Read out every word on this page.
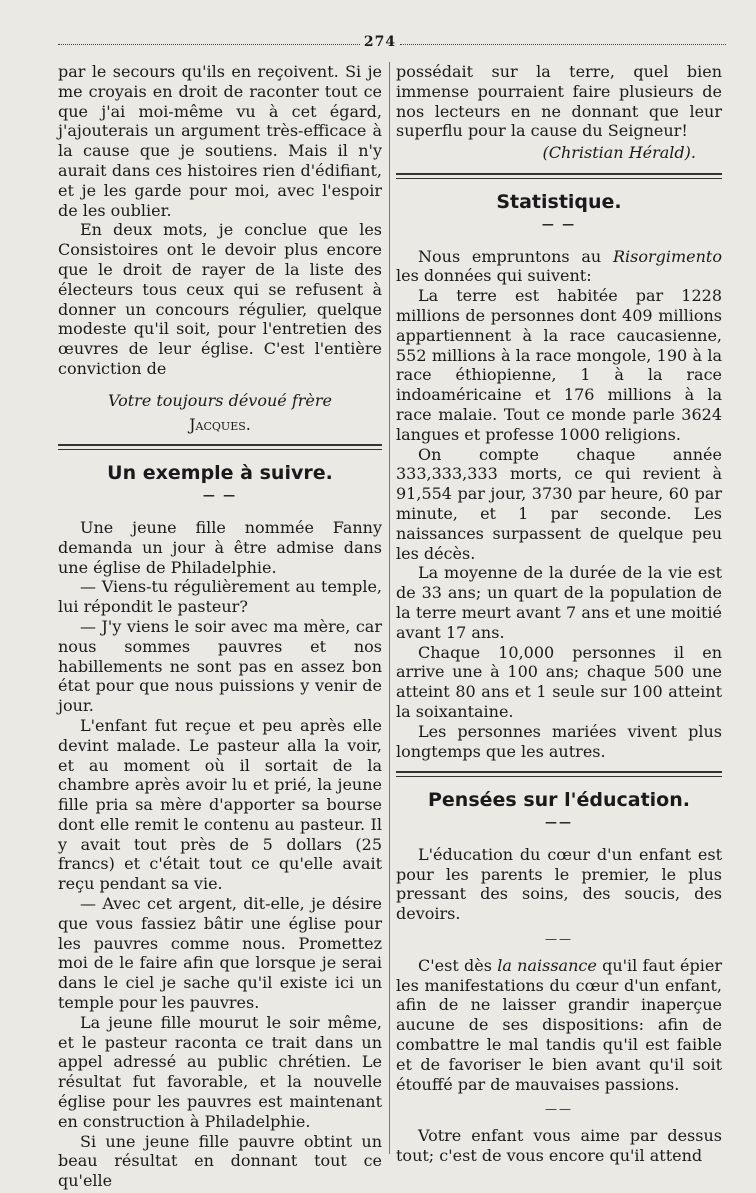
274

par le secours qu'ils en reçoivent. Si je me croyais en droit de raconter tout ce que j'ai moi-même vu à cet égard, j'ajouterais un argument très-efficace à la cause que je soutiens. Mais il n'y aurait dans ces histoires rien d'édifiant, et je les garde pour moi, avec l'espoir de les oublier.

En deux mots, je conclue que les Consistoires ont le devoir plus encore que le droit de rayer de la liste des électeurs tous ceux qui se refusent à donner un concours régulier, quelque modeste qu'il soit, pour l'entretien des œuvres de leur église. C'est l'entière conviction de

Votre toujours dévoué frère

Jacques.

Un exemple à suivre.
— —

Une jeune fille nommée Fanny demanda un jour à être admise dans une église de Philadelphie.

— Viens-tu régulièrement au temple, lui répondit le pasteur?

— J'y viens le soir avec ma mère, car nous sommes pauvres et nos habillements ne sont pas en assez bon état pour que nous puissions y venir de jour.

L'enfant fut reçue et peu après elle devint malade. Le pasteur alla la voir, et au moment où il sortait de la chambre après avoir lu et prié, la jeune fille pria sa mère d'apporter sa bourse dont elle remit le contenu au pasteur. Il y avait tout près de 5 dollars (25 francs) et c'était tout ce qu'elle avait reçu pendant sa vie.

— Avec cet argent, dit-elle, je désire que vous fassiez bâtir une église pour les pauvres comme nous. Promettez moi de le faire afin que lorsque je serai dans le ciel je sache qu'il existe ici un temple pour les pauvres.

La jeune fille mourut le soir même, et le pasteur raconta ce trait dans un appel adressé au public chrétien. Le résultat fut favorable, et la nouvelle église pour les pauvres est maintenant en construction à Philadelphie.

Si une jeune fille pauvre obtint un beau résultat en donnant tout ce qu'elle

possédait sur la terre, quel bien immense pourraient faire plusieurs de nos lecteurs en ne donnant que leur superflu pour la cause du Seigneur!

(Christian Hérald).

Statistique.
— —

Nous empruntons au Risorgimento les données qui suivent:

La terre est habitée par 1228 millions de personnes dont 409 millions appartiennent à la race caucasienne, 552 millions à la race mongole, 190 à la race éthiopienne, 1 à la race indoaméricaine et 176 millions à la race malaie. Tout ce monde parle 3624 langues et professe 1000 religions.

On compte chaque année 333,333,333 morts, ce qui revient à 91,554 par jour, 3730 par heure, 60 par minute, et 1 par seconde. Les naissances surpassent de quelque peu les décès.

La moyenne de la durée de la vie est de 33 ans; un quart de la population de la terre meurt avant 7 ans et une moitié avant 17 ans.

Chaque 10,000 personnes il en arrive une à 100 ans; chaque 500 une atteint 80 ans et 1 seule sur 100 atteint la soixantaine.

Les personnes mariées vivent plus longtemps que les autres.

Pensées sur l'éducation.
——

L'éducation du cœur d'un enfant est pour les parents le premier, le plus pressant des soins, des soucis, des devoirs.

——

C'est dès la naissance qu'il faut épier les manifestations du cœur d'un enfant, afin de ne laisser grandir inaperçue aucune de ses dispositions: afin de combattre le mal tandis qu'il est faible et de favoriser le bien avant qu'il soit étouffé par de mauvaises passions.

——

Votre enfant vous aime par dessus tout; c'est de vous encore qu'il attend
